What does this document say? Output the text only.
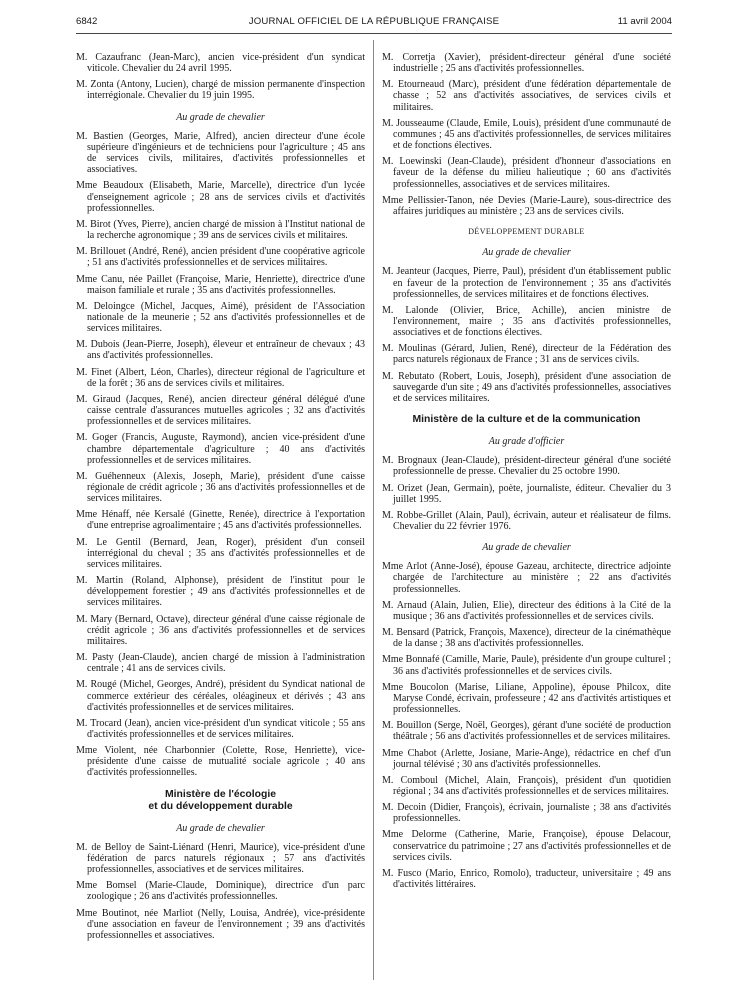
6842	JOURNAL OFFICIEL DE LA RÉPUBLIQUE FRANÇAISE	11 avril 2004

M. Cazaufranc (Jean-Marc), ancien vice-président d'un syndicat viticole. Chevalier du 24 avril 1995.

M. Zonta (Antony, Lucien), chargé de mission permanente d'inspection interrégionale. Chevalier du 19 juin 1995.

Au grade de chevalier

M. Bastien (Georges, Marie, Alfred), ancien directeur d'une école supérieure d'ingénieurs et de techniciens pour l'agriculture ; 45 ans de services civils, militaires, d'activités professionnelles et associatives.

Mme Beaudoux (Elisabeth, Marie, Marcelle), directrice d'un lycée d'enseignement agricole ; 28 ans de services civils et d'activités professionnelles.

M. Birot (Yves, Pierre), ancien chargé de mission à l'Institut national de la recherche agronomique ; 39 ans de services civils et militaires.

M. Brillouet (André, René), ancien président d'une coopérative agricole ; 51 ans d'activités professionnelles et de services militaires.

Mme Canu, née Paillet (Françoise, Marie, Henriette), directrice d'une maison familiale et rurale ; 35 ans d'activités professionnelles.

M. Deloingce (Michel, Jacques, Aimé), président de l'Association nationale de la meunerie ; 52 ans d'activités professionnelles et de services militaires.

M. Dubois (Jean-Pierre, Joseph), éleveur et entraîneur de chevaux ; 43 ans d'activités professionnelles.

M. Finet (Albert, Léon, Charles), directeur régional de l'agriculture et de la forêt ; 36 ans de services civils et militaires.

M. Giraud (Jacques, René), ancien directeur général délégué d'une caisse centrale d'assurances mutuelles agricoles ; 32 ans d'activités professionnelles et de services militaires.

M. Goger (Francis, Auguste, Raymond), ancien vice-président d'une chambre départementale d'agriculture ; 40 ans d'activités professionnelles et de services militaires.

M. Guéhenneux (Alexis, Joseph, Marie), président d'une caisse régionale de crédit agricole ; 36 ans d'activités professionnelles et de services militaires.

Mme Hénaff, née Kersalé (Ginette, Renée), directrice à l'exportation d'une entreprise agroalimentaire ; 45 ans d'activités professionnelles.

M. Le Gentil (Bernard, Jean, Roger), président d'un conseil interrégional du cheval ; 35 ans d'activités professionnelles et de services militaires.

M. Martin (Roland, Alphonse), président de l'institut pour le développement forestier ; 49 ans d'activités professionnelles et de services militaires.

M. Mary (Bernard, Octave), directeur général d'une caisse régionale de crédit agricole ; 36 ans d'activités professionnelles et de services militaires.

M. Pasty (Jean-Claude), ancien chargé de mission à l'administration centrale ; 41 ans de services civils.

M. Rougé (Michel, Georges, André), président du Syndicat national de commerce extérieur des céréales, oléagineux et dérivés ; 43 ans d'activités professionnelles et de services militaires.

M. Trocard (Jean), ancien vice-président d'un syndicat viticole ; 55 ans d'activités professionnelles et de services militaires.

Mme Violent, née Charbonnier (Colette, Rose, Henriette), vice-présidente d'une caisse de mutualité sociale agricole ; 40 ans d'activités professionnelles.

Ministère de l'écologie
et du développement durable
Au grade de chevalier

M. de Belloy de Saint-Liénard (Henri, Maurice), vice-président d'une fédération de parcs naturels régionaux ; 57 ans d'activités professionnelles, associatives et de services militaires.

Mme Bomsel (Marie-Claude, Dominique), directrice d'un parc zoologique ; 26 ans d'activités professionnelles.

Mme Boutinot, née Marliot (Nelly, Louisa, Andrée), vice-présidente d'une association en faveur de l'environnement ; 39 ans d'activités professionnelles et associatives.

M. Corretja (Xavier), président-directeur général d'une société industrielle ; 25 ans d'activités professionnelles.

M. Etourneaud (Marc), président d'une fédération départementale de chasse ; 52 ans d'activités associatives, de services civils et militaires.

M. Jousseaume (Claude, Emile, Louis), président d'une communauté de communes ; 45 ans d'activités professionnelles, de services militaires et de fonctions électives.

M. Loewinski (Jean-Claude), président d'honneur d'associations en faveur de la défense du milieu halieutique ; 60 ans d'activités professionnelles, associatives et de services militaires.

Mme Pellissier-Tanon, née Devies (Marie-Laure), sous-directrice des affaires juridiques au ministère ; 23 ans de services civils.

DÉVELOPPEMENT DURABLE
Au grade de chevalier

M. Jeanteur (Jacques, Pierre, Paul), président d'un établissement public en faveur de la protection de l'environnement ; 35 ans d'activités professionnelles, de services militaires et de fonctions électives.

M. Lalonde (Olivier, Brice, Achille), ancien ministre de l'environnement, maire ; 35 ans d'activités professionnelles, associatives et de fonctions électives.

M. Moulinas (Gérard, Julien, René), directeur de la Fédération des parcs naturels régionaux de France ; 31 ans de services civils.

M. Rebutato (Robert, Louis, Joseph), président d'une association de sauvegarde d'un site ; 49 ans d'activités professionnelles, associatives et de services militaires.

Ministère de la culture et de la communication
Au grade d'officier

M. Brognaux (Jean-Claude), président-directeur général d'une société professionnelle de presse. Chevalier du 25 octobre 1990.

M. Orizet (Jean, Germain), poète, journaliste, éditeur. Chevalier du 3 juillet 1995.

M. Robbe-Grillet (Alain, Paul), écrivain, auteur et réalisateur de films. Chevalier du 22 février 1976.

Au grade de chevalier

Mme Arlot (Anne-José), épouse Gazeau, architecte, directrice adjointe chargée de l'architecture au ministère ; 22 ans d'activités professionnelles.

M. Arnaud (Alain, Julien, Elie), directeur des éditions à la Cité de la musique ; 36 ans d'activités professionnelles et de services civils.

M. Bensard (Patrick, François, Maxence), directeur de la cinémathèque de la danse ; 38 ans d'activités professionnelles.

Mme Bonnafé (Camille, Marie, Paule), présidente d'un groupe culturel ; 36 ans d'activités professionnelles et de services civils.

Mme Boucolon (Marise, Liliane, Appoline), épouse Philcox, dite Maryse Condé, écrivain, professeure ; 42 ans d'activités artistiques et professionnelles.

M. Bouillon (Serge, Noël, Georges), gérant d'une société de production théâtrale ; 56 ans d'activités professionnelles et de services militaires.

Mme Chabot (Arlette, Josiane, Marie-Ange), rédactrice en chef d'un journal télévisé ; 30 ans d'activités professionnelles.

M. Comboul (Michel, Alain, François), président d'un quotidien régional ; 34 ans d'activités professionnelles et de services militaires.

M. Decoin (Didier, François), écrivain, journaliste ; 38 ans d'activités professionnelles.

Mme Delorme (Catherine, Marie, Françoise), épouse Delacour, conservatrice du patrimoine ; 27 ans d'activités professionnelles et de services civils.

M. Fusco (Mario, Enrico, Romolo), traducteur, universitaire ; 49 ans d'activités littéraires.
